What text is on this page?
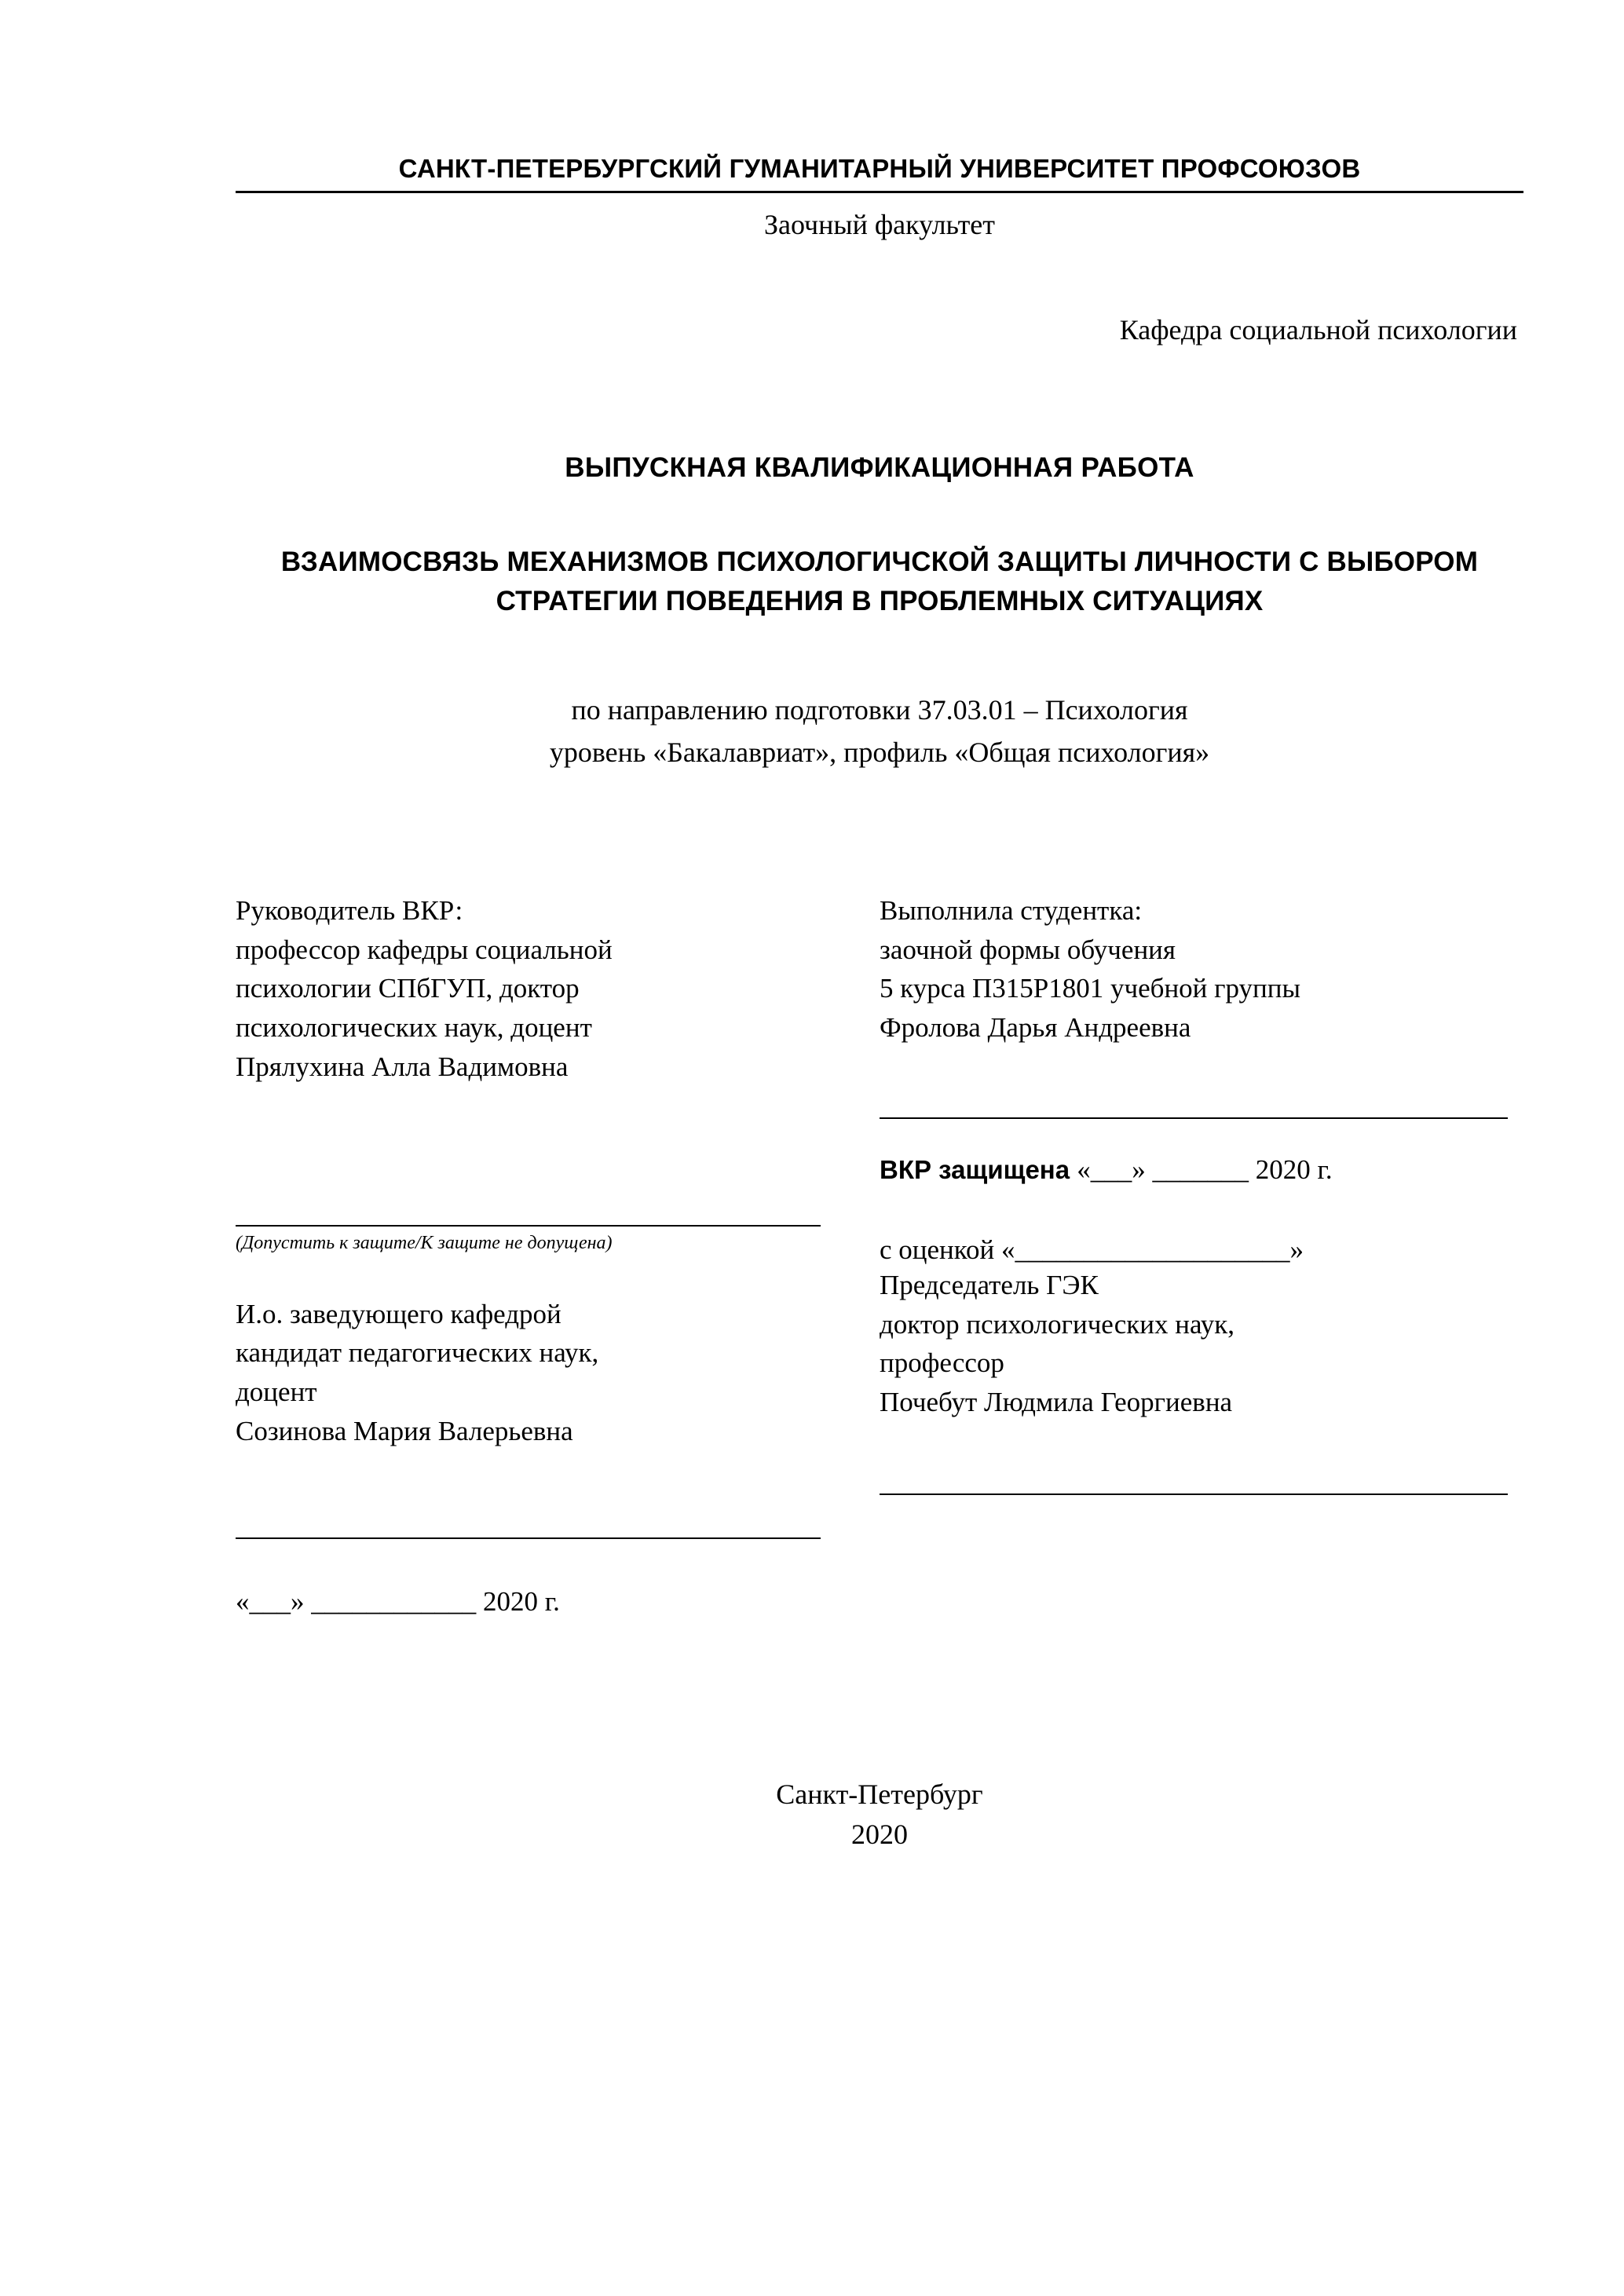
САНКТ-ПЕТЕРБУРГСКИЙ ГУМАНИТАРНЫЙ УНИВЕРСИТЕТ ПРОФСОЮЗОВ
Заочный факультет
Кафедра социальной психологии
ВЫПУСКНАЯ КВАЛИФИКАЦИОННАЯ РАБОТА
ВЗАИМОСВЯЗЬ МЕХАНИЗМОВ ПСИХОЛОГИЧСКОЙ ЗАЩИТЫ ЛИЧНОСТИ С ВЫБОРОМ СТРАТЕГИИ ПОВЕДЕНИЯ В ПРОБЛЕМНЫХ СИТУАЦИЯХ
по направлению подготовки 37.03.01 – Психология
уровень «Бакалавриат», профиль «Общая психология»

Руководитель ВКР:

профессор кафедры социальной

психологии СПбГУП, доктор

психологических наук, доцент

Прялухина Алла Вадимовна

(Допустить к защите/К защите не допущена)

И.о. заведующего кафедрой

кандидат педагогических наук,

доцент

Созинова Мария Валерьевна

«___» ____________ 2020 г.

Выполнила студентка:

заочной формы обучения

5 курса П315Р1801 учебной группы

Фролова Дарья Андреевна

ВКР защищена «___» _______ 2020 г.
с оценкой «____________________»

Председатель ГЭК

доктор психологических наук,

профессор

Почебут Людмила Георгиевна

Санкт-Петербург
2020
